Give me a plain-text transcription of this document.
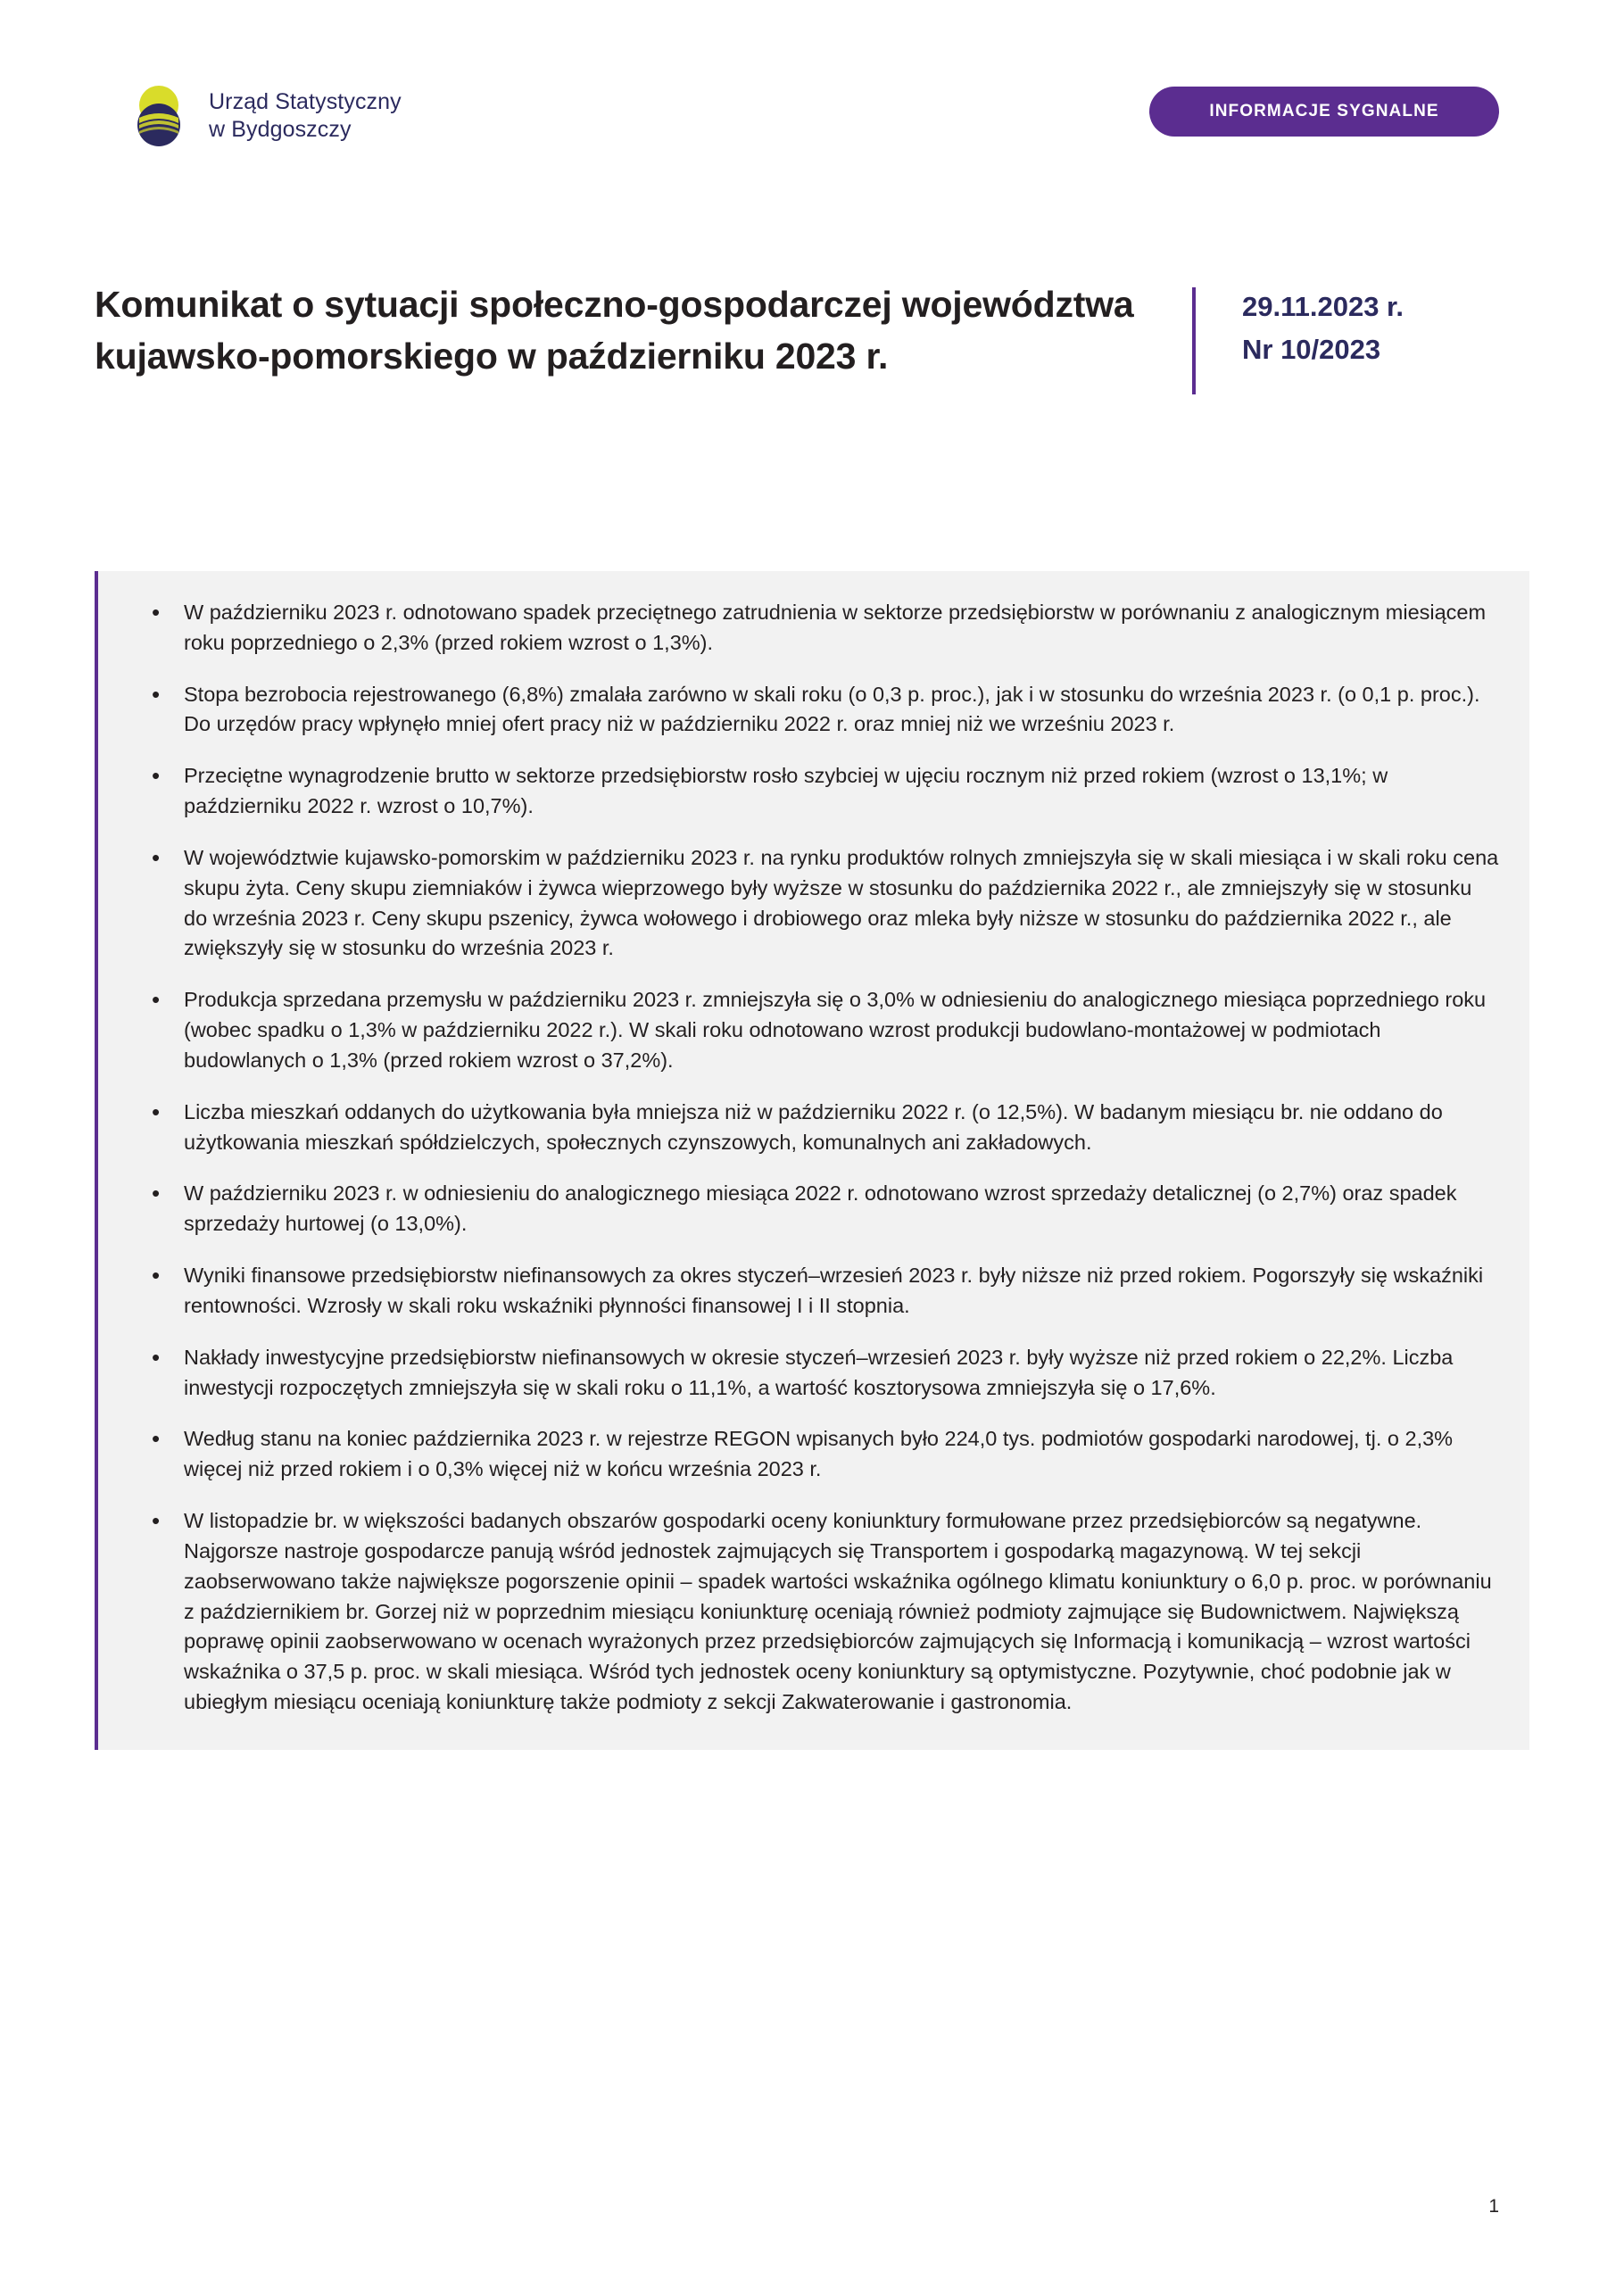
Urząd Statystyczny
w Bydgoszczy
INFORMACJE SYGNALNE
Komunikat o sytuacji społeczno-gospodarczej województwa kujawsko-pomorskiego w październiku 2023 r.
29.11.2023 r.
Nr 10/2023
• W październiku 2023 r. odnotowano spadek przeciętnego zatrudnienia w sektorze przedsiębiorstw w porównaniu z analogicznym miesiącem roku poprzedniego o 2,3% (przed rokiem wzrost o 1,3%).
• Stopa bezrobocia rejestrowanego (6,8%) zmalała zarówno w skali roku (o 0,3 p. proc.), jak i w stosunku do września 2023 r. (o 0,1 p. proc.). Do urzędów pracy wpłynęło mniej ofert pracy niż w październiku 2022 r. oraz mniej niż we wrześniu 2023 r.
• Przeciętne wynagrodzenie brutto w sektorze przedsiębiorstw rosło szybciej w ujęciu rocznym niż przed rokiem (wzrost o 13,1%; w październiku 2022 r. wzrost o 10,7%).
• W województwie kujawsko-pomorskim w październiku 2023 r. na rynku produktów rolnych zmniejszyła się w skali miesiąca i w skali roku cena skupu żyta. Ceny skupu ziemniaków i żywca wieprzowego były wyższe w stosunku do października 2022 r., ale zmniejszyły się w stosunku do września 2023 r. Ceny skupu pszenicy, żywca wołowego i drobiowego oraz mleka były niższe w stosunku do października 2022 r., ale zwiększyły się w stosunku do września 2023 r.
• Produkcja sprzedana przemysłu w październiku 2023 r. zmniejszyła się o 3,0% w odniesieniu do analogicznego miesiąca poprzedniego roku (wobec spadku o 1,3% w październiku 2022 r.). W skali roku odnotowano wzrost produkcji budowlano-montażowej w podmiotach budowlanych o 1,3% (przed rokiem wzrost o 37,2%).
• Liczba mieszkań oddanych do użytkowania była mniejsza niż w październiku 2022 r. (o 12,5%). W badanym miesiącu br. nie oddano do użytkowania mieszkań spółdzielczych, społecznych czynszowych, komunalnych ani zakładowych.
• W październiku 2023 r. w odniesieniu do analogicznego miesiąca 2022 r. odnotowano wzrost sprzedaży detalicznej (o 2,7%) oraz spadek sprzedaży hurtowej (o 13,0%).
• Wyniki finansowe przedsiębiorstw niefinansowych za okres styczeń–wrzesień 2023 r. były niższe niż przed rokiem. Pogorszyły się wskaźniki rentowności. Wzrosły w skali roku wskaźniki płynności finansowej I i II stopnia.
• Nakłady inwestycyjne przedsiębiorstw niefinansowych w okresie styczeń–wrzesień 2023 r. były wyższe niż przed rokiem o 22,2%. Liczba inwestycji rozpoczętych zmniejszyła się w skali roku o 11,1%, a wartość kosztorysowa zmniejszyła się o 17,6%.
• Według stanu na koniec października 2023 r. w rejestrze REGON wpisanych było 224,0 tys. podmiotów gospodarki narodowej, tj. o 2,3% więcej niż przed rokiem i o 0,3% więcej niż w końcu września 2023 r.
• W listopadzie br. w większości badanych obszarów gospodarki oceny koniunktury formułowane przez przedsiębiorców są negatywne. Najgorsze nastroje gospodarcze panują wśród jednostek zajmujących się Transportem i gospodarką magazynową. W tej sekcji zaobserwowano także największe pogorszenie opinii – spadek wartości wskaźnika ogólnego klimatu koniunktury o 6,0 p. proc. w porównaniu z październikiem br. Gorzej niż w poprzednim miesiącu koniunkturę oceniają również podmioty zajmujące się Budownictwem. Największą poprawę opinii zaobserwowano w ocenach wyrażonych przez przedsiębiorców zajmujących się Informacją i komunikacją – wzrost wartości wskaźnika o 37,5 p. proc. w skali miesiąca. Wśród tych jednostek oceny koniunktury są optymistyczne. Pozytywnie, choć podobnie jak w ubiegłym miesiącu oceniają koniunkturę także podmioty z sekcji Zakwaterowanie i gastronomia.
1
